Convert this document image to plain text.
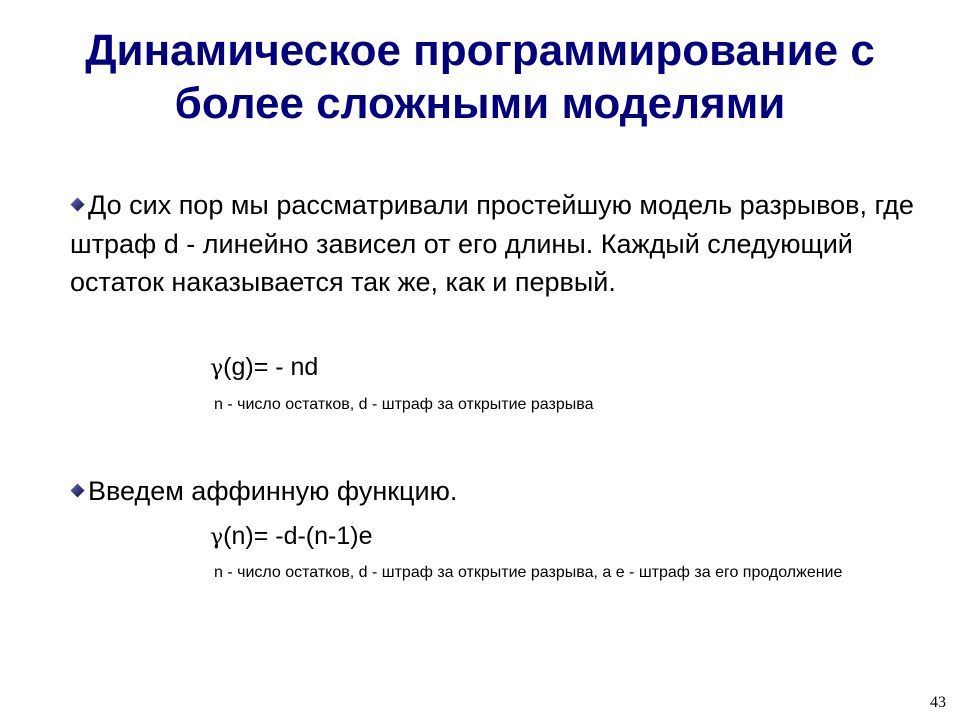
Динамическое программирование с
более сложными моделями
До сих пор мы рассматривали простейшую модель разрывов, где штраф d - линейно зависел от его длины. Каждый следующий остаток наказывается так же, как и первый.
γ(g)= - nd
n - число остатков, d - штраф за открытие разрыва
Введем аффинную функцию.
γ(n)= -d-(n-1)e
n - число остатков, d - штраф за открытие разрыва, а e - штраф за его продолжение
43
